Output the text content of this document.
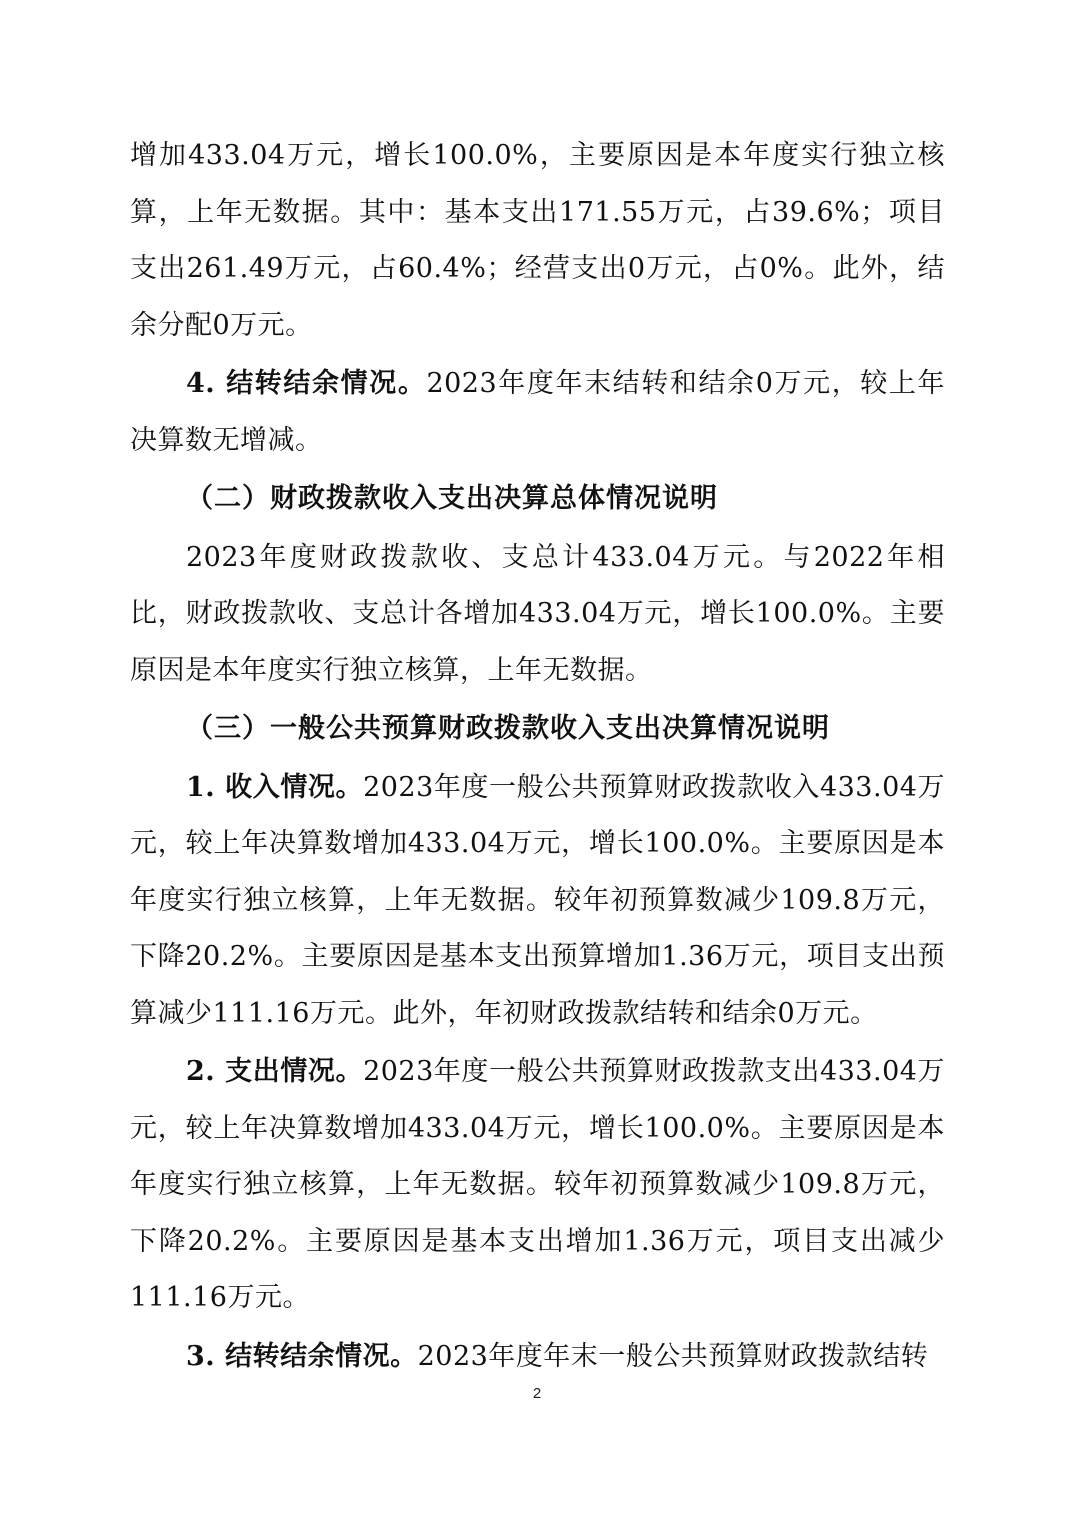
增加433.04万元，增长100.0%，主要原因是本年度实行独立核算，上年无数据。其中：基本支出171.55万元，占39.6%；项目支出261.49万元，占60.4%；经营支出0万元，占0%。此外，结余分配0万元。

4. 结转结余情况。2023年度年末结转和结余0万元，较上年决算数无增减。

（二）财政拨款收入支出决算总体情况说明

2023年度财政拨款收、支总计433.04万元。与2022年相比，财政拨款收、支总计各增加433.04万元，增长100.0%。主要原因是本年度实行独立核算，上年无数据。

（三）一般公共预算财政拨款收入支出决算情况说明

1. 收入情况。2023年度一般公共预算财政拨款收入433.04万元，较上年决算数增加433.04万元，增长100.0%。主要原因是本年度实行独立核算，上年无数据。较年初预算数减少109.8万元，下降20.2%。主要原因是基本支出预算增加1.36万元，项目支出预算减少111.16万元。此外，年初财政拨款结转和结余0万元。

2. 支出情况。2023年度一般公共预算财政拨款支出433.04万元，较上年决算数增加433.04万元，增长100.0%。主要原因是本年度实行独立核算，上年无数据。较年初预算数减少109.8万元，下降20.2%。主要原因是基本支出增加1.36万元，项目支出减少111.16万元。

3. 结转结余情况。2023年度年末一般公共预算财政拨款结转

2
